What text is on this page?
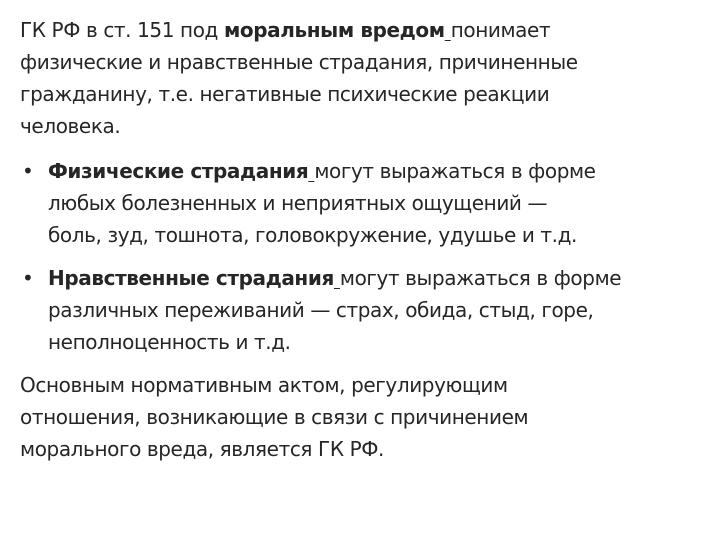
ГК РФ в ст. 151 под моральным вредом понимает
физические и нравственные страдания, причиненные
гражданину, т.е. негативные психические реакции
человека.
• Физические страдания могут выражаться в форме
любых болезненных и неприятных ощущений —
боль, зуд, тошнота, головокружение, удушье и т.д.
• Нравственные страдания могут выражаться в форме
различных переживаний — страх, обида, стыд, горе,
неполноценность и т.д.
Основным нормативным актом, регулирующим
отношения, возникающие в связи с причинением
морального вреда, является ГК РФ.
